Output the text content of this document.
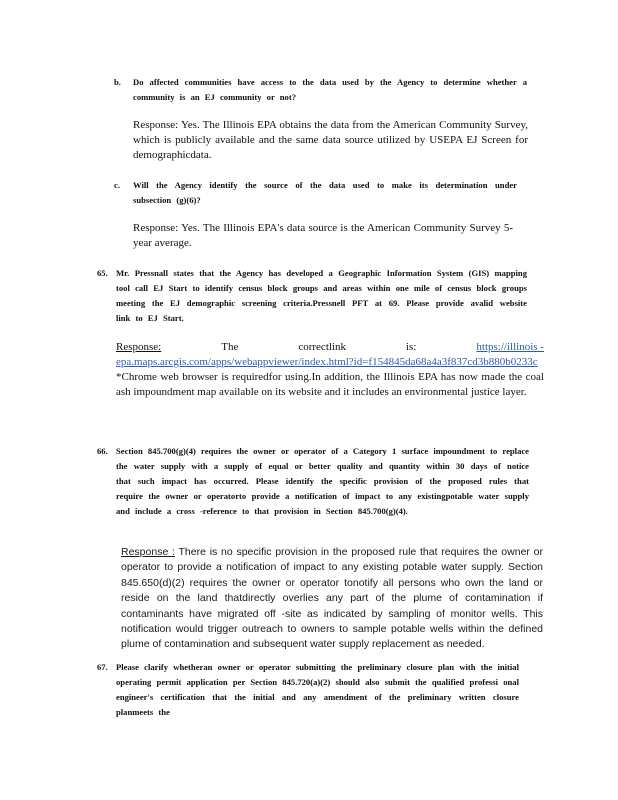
b. Do affected communities have access to the data used by the Agency to determine whether a community is an EJ community or not?
Response: Yes. The Illinois EPA obtains the data from the American Community Survey, which is publicly available and the same data source utilized by USEPA EJ Screen for demographicdata.
c. Will the Agency identify the source of the data used to make its determination under subsection (g)(6)?
Response: Yes. The Illinois EPA's data source is the American Community Survey 5-year average.
65. Mr. Pressnall states that the Agency has developed a Geographic Information System (GIS) mapping tool call EJ Start to identify census block groups and areas within one mile of census block groups meeting the EJ demographic screening criteria.Pressnell PFT at 69. Please provide avalid website link to EJ Start.
Response:	The	correctlink	is:	https://illinois -
epa.maps.arcgis.com/apps/webappviewer/index.html?id=f154845da68a4a3f837cd3b880b0233c
*Chrome web browser is requiredfor using.In addition, the Illinois EPA has now made the coal ash impoundment map available on its website and it includes an environmental justice layer.
66. Section 845.700(g)(4) requires the owner or operator of a Category 1 surface impoundment to replace the water supply with a supply of equal or better quality and quantity within 30 days of notice that such impact has occurred. Please identify the specific provision of the proposed rules that require the owner or operatorto provide a notification of impact to any existingpotable water supply and include a cross -reference to that provision in Section 845.700(g)(4).
Response : There is no specific provision in the proposed rule that requires the owner or operator to provide a notification of impact to any existing potable water supply. Section 845.650(d)(2) requires the owner or operator tonotify all persons who own the land or reside on the land thatdirectly overlies any part of the plume of contamination if contaminants have migrated off -site as indicated by sampling of monitor wells. This notification would trigger outreach to owners to sample potable wells within the defined plume of contamination and subsequent water supply replacement as needed.
67. Please clarify whetheran owner or operator submitting the preliminary closure plan with the initial operating permit application per Section 845.720(a)(2) should also submit the qualified professi onal engineer's certification that the initial and any amendment of the preliminary written closure planmeets the
